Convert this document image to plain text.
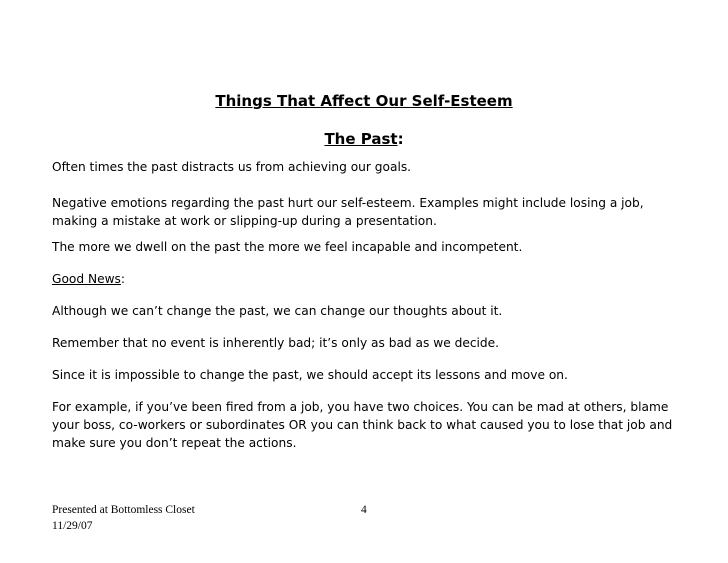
Things That Affect Our Self-Esteem
The Past:
Often times the past distracts us from achieving our goals.
Negative emotions regarding the past hurt our self-esteem. Examples might include losing a job, making a mistake at work or slipping-up during a presentation.
The more we dwell on the past the more we feel incapable and incompetent.
Good News:
Although we can’t change the past, we can change our thoughts about it.
Remember that no event is inherently bad; it’s only as bad as we decide.
Since it is impossible to change the past, we should accept its lessons and move on.
For example, if you’ve been fired from a job, you have two choices. You can be mad at others, blame your boss, co-workers or subordinates OR you can think back to what caused you to lose that job and make sure you don’t repeat the actions.
Presented at Bottomless Closet
11/29/07
4
